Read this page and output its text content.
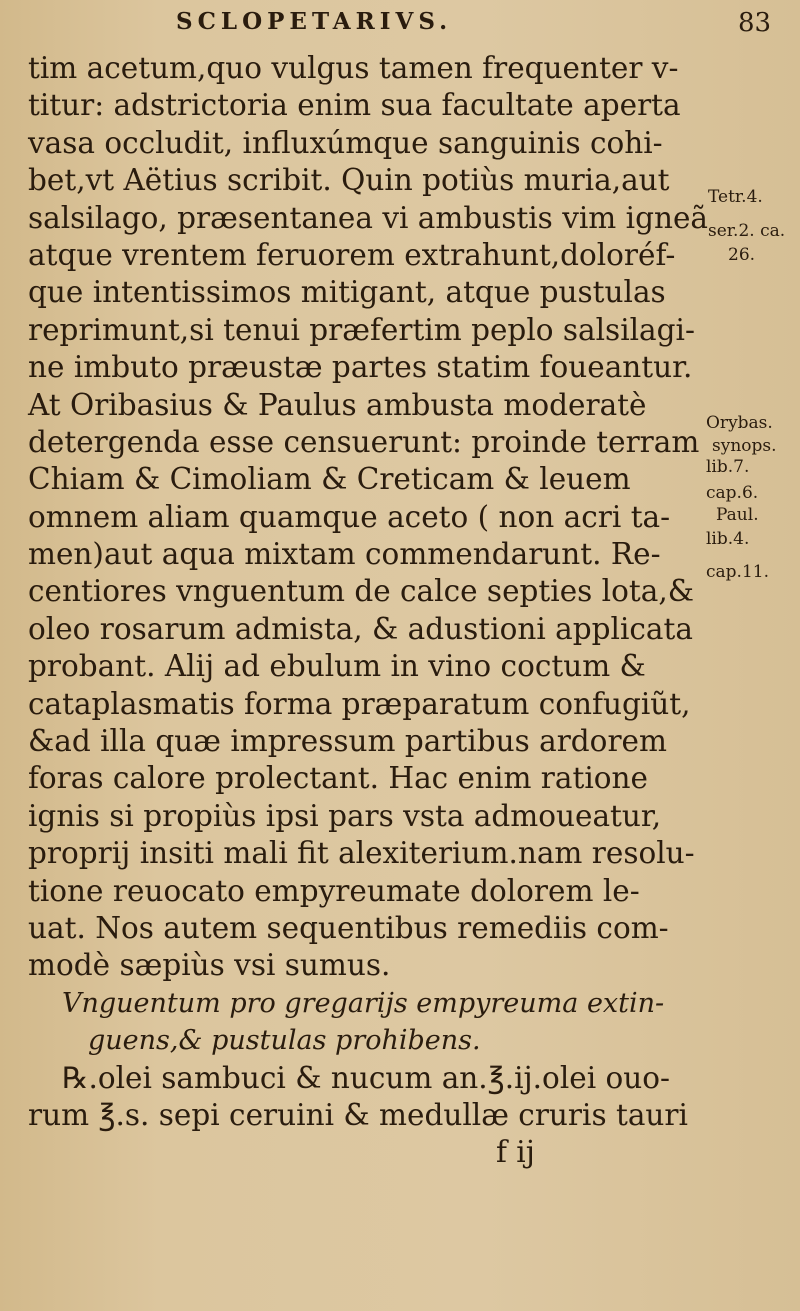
SCLOPETARIVS.	83
tim acetum,quo vulgus tamen frequenter v-
titur: adstrictoria enim sua facultate aperta
vasa occludit, influxúmque sanguinis cohi-
bet,vt Aëtius scribit. Quin potiùs muria,aut
salsilago, præsentanea vi ambustis vim igneã
atque vrentem feruorem extrahunt,doloréf-
que intentissimos mitigant, atque pustulas
reprimunt,si tenui præfertim peplo salsilagi-
ne imbuto præustæ partes statim foueantur.
At Oribasius & Paulus ambusta moderatè
detergenda esse censuerunt: proinde terram
Chiam & Cimoliam & Creticam & leuem
omnem aliam quamque aceto ( non acri ta-
men)aut aqua mixtam commendarunt. Re-
centiores vnguentum de calce septies lota,&
oleo rosarum admista, & adustioni applicata
probant. Alij ad ebulum in vino coctum &
cataplasmatis forma præparatum confugiũt,
&ad illa quæ impressum partibus ardorem
foras calore prolectant. Hac enim ratione
ignis si propiùs ipsi pars vsta admoueatur,
proprij insiti mali fit alexiterium.nam resolu-
tione reuocato empyreumate dolorem le-
uat. Nos autem sequentibus remediis com-
modè sæpiùs vsi sumus.
Vnguentum pro gregarijs empyreuma extin-
guens,& pustulas prohibens.
℞.olei sambuci & nucum an.℥.ij.olei ouo-
rum ℥.s. sepi ceruini & medullæ cruris tauri
f ij
Tetr.4.
ser.2. ca.
26.
Orybas.
synops.
lib.7.
cap.6.
Paul.
lib.4.
cap.11.
